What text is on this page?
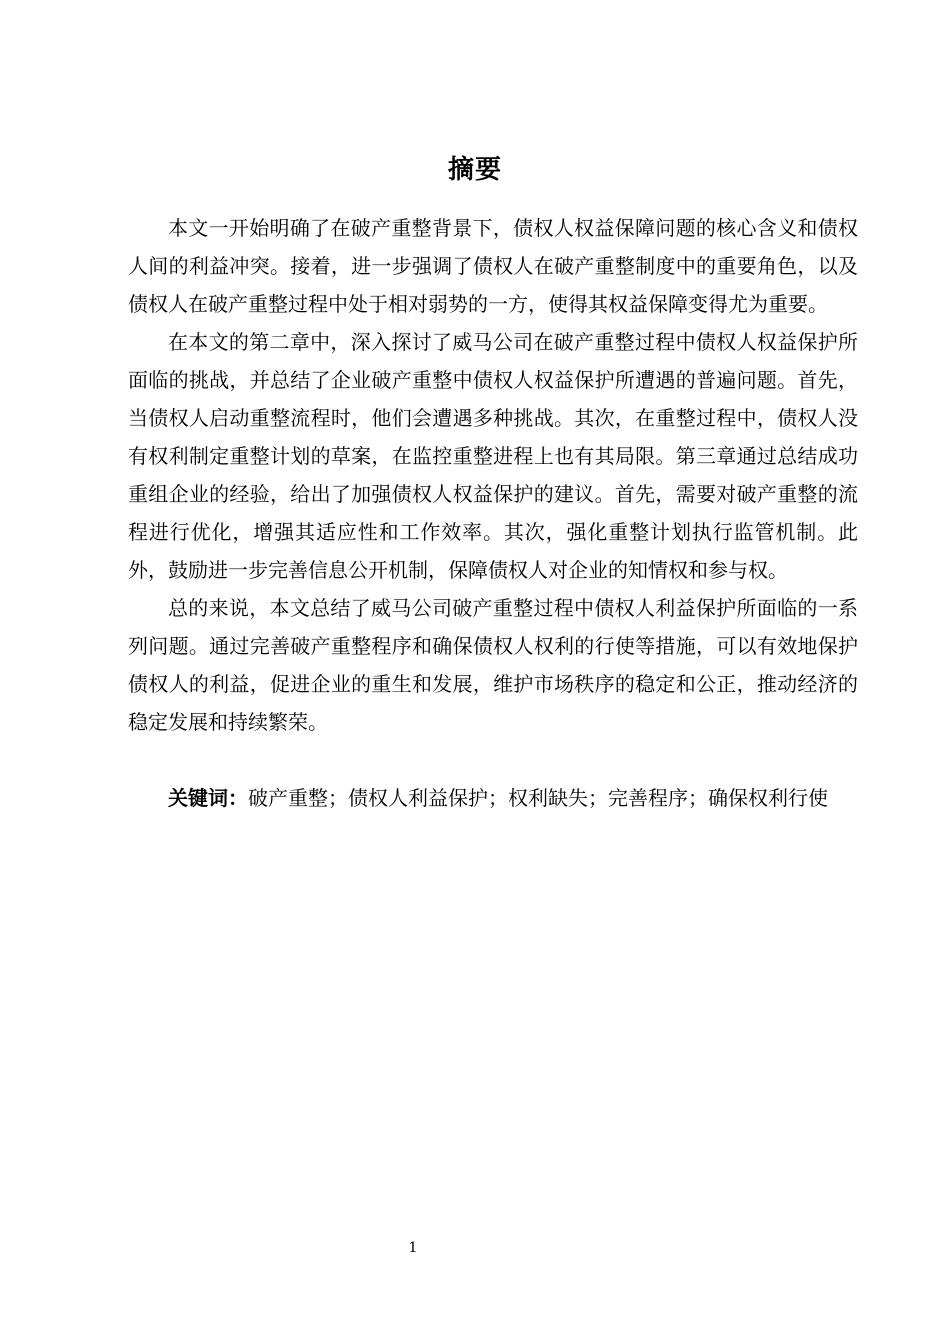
摘要

本文一开始明确了在破产重整背景下，债权人权益保障问题的核心含义和债权人间的利益冲突。接着，进一步强调了债权人在破产重整制度中的重要角色，以及债权人在破产重整过程中处于相对弱势的一方，使得其权益保障变得尤为重要。

在本文的第二章中，深入探讨了威马公司在破产重整过程中债权人权益保护所面临的挑战，并总结了企业破产重整中债权人权益保护所遭遇的普遍问题。首先，当债权人启动重整流程时，他们会遭遇多种挑战。其次，在重整过程中，债权人没有权利制定重整计划的草案，在监控重整进程上也有其局限。第三章通过总结成功重组企业的经验，给出了加强债权人权益保护的建议。首先，需要对破产重整的流程进行优化，增强其适应性和工作效率。其次，强化重整计划执行监管机制。此外，鼓励进一步完善信息公开机制，保障债权人对企业的知情权和参与权。

总的来说，本文总结了威马公司破产重整过程中债权人利益保护所面临的一系列问题。通过完善破产重整程序和确保债权人权利的行使等措施，可以有效地保护债权人的利益，促进企业的重生和发展，维护市场秩序的稳定和公正，推动经济的稳定发展和持续繁荣。

关键词：破产重整；债权人利益保护；权利缺失；完善程序；确保权利行使

1
